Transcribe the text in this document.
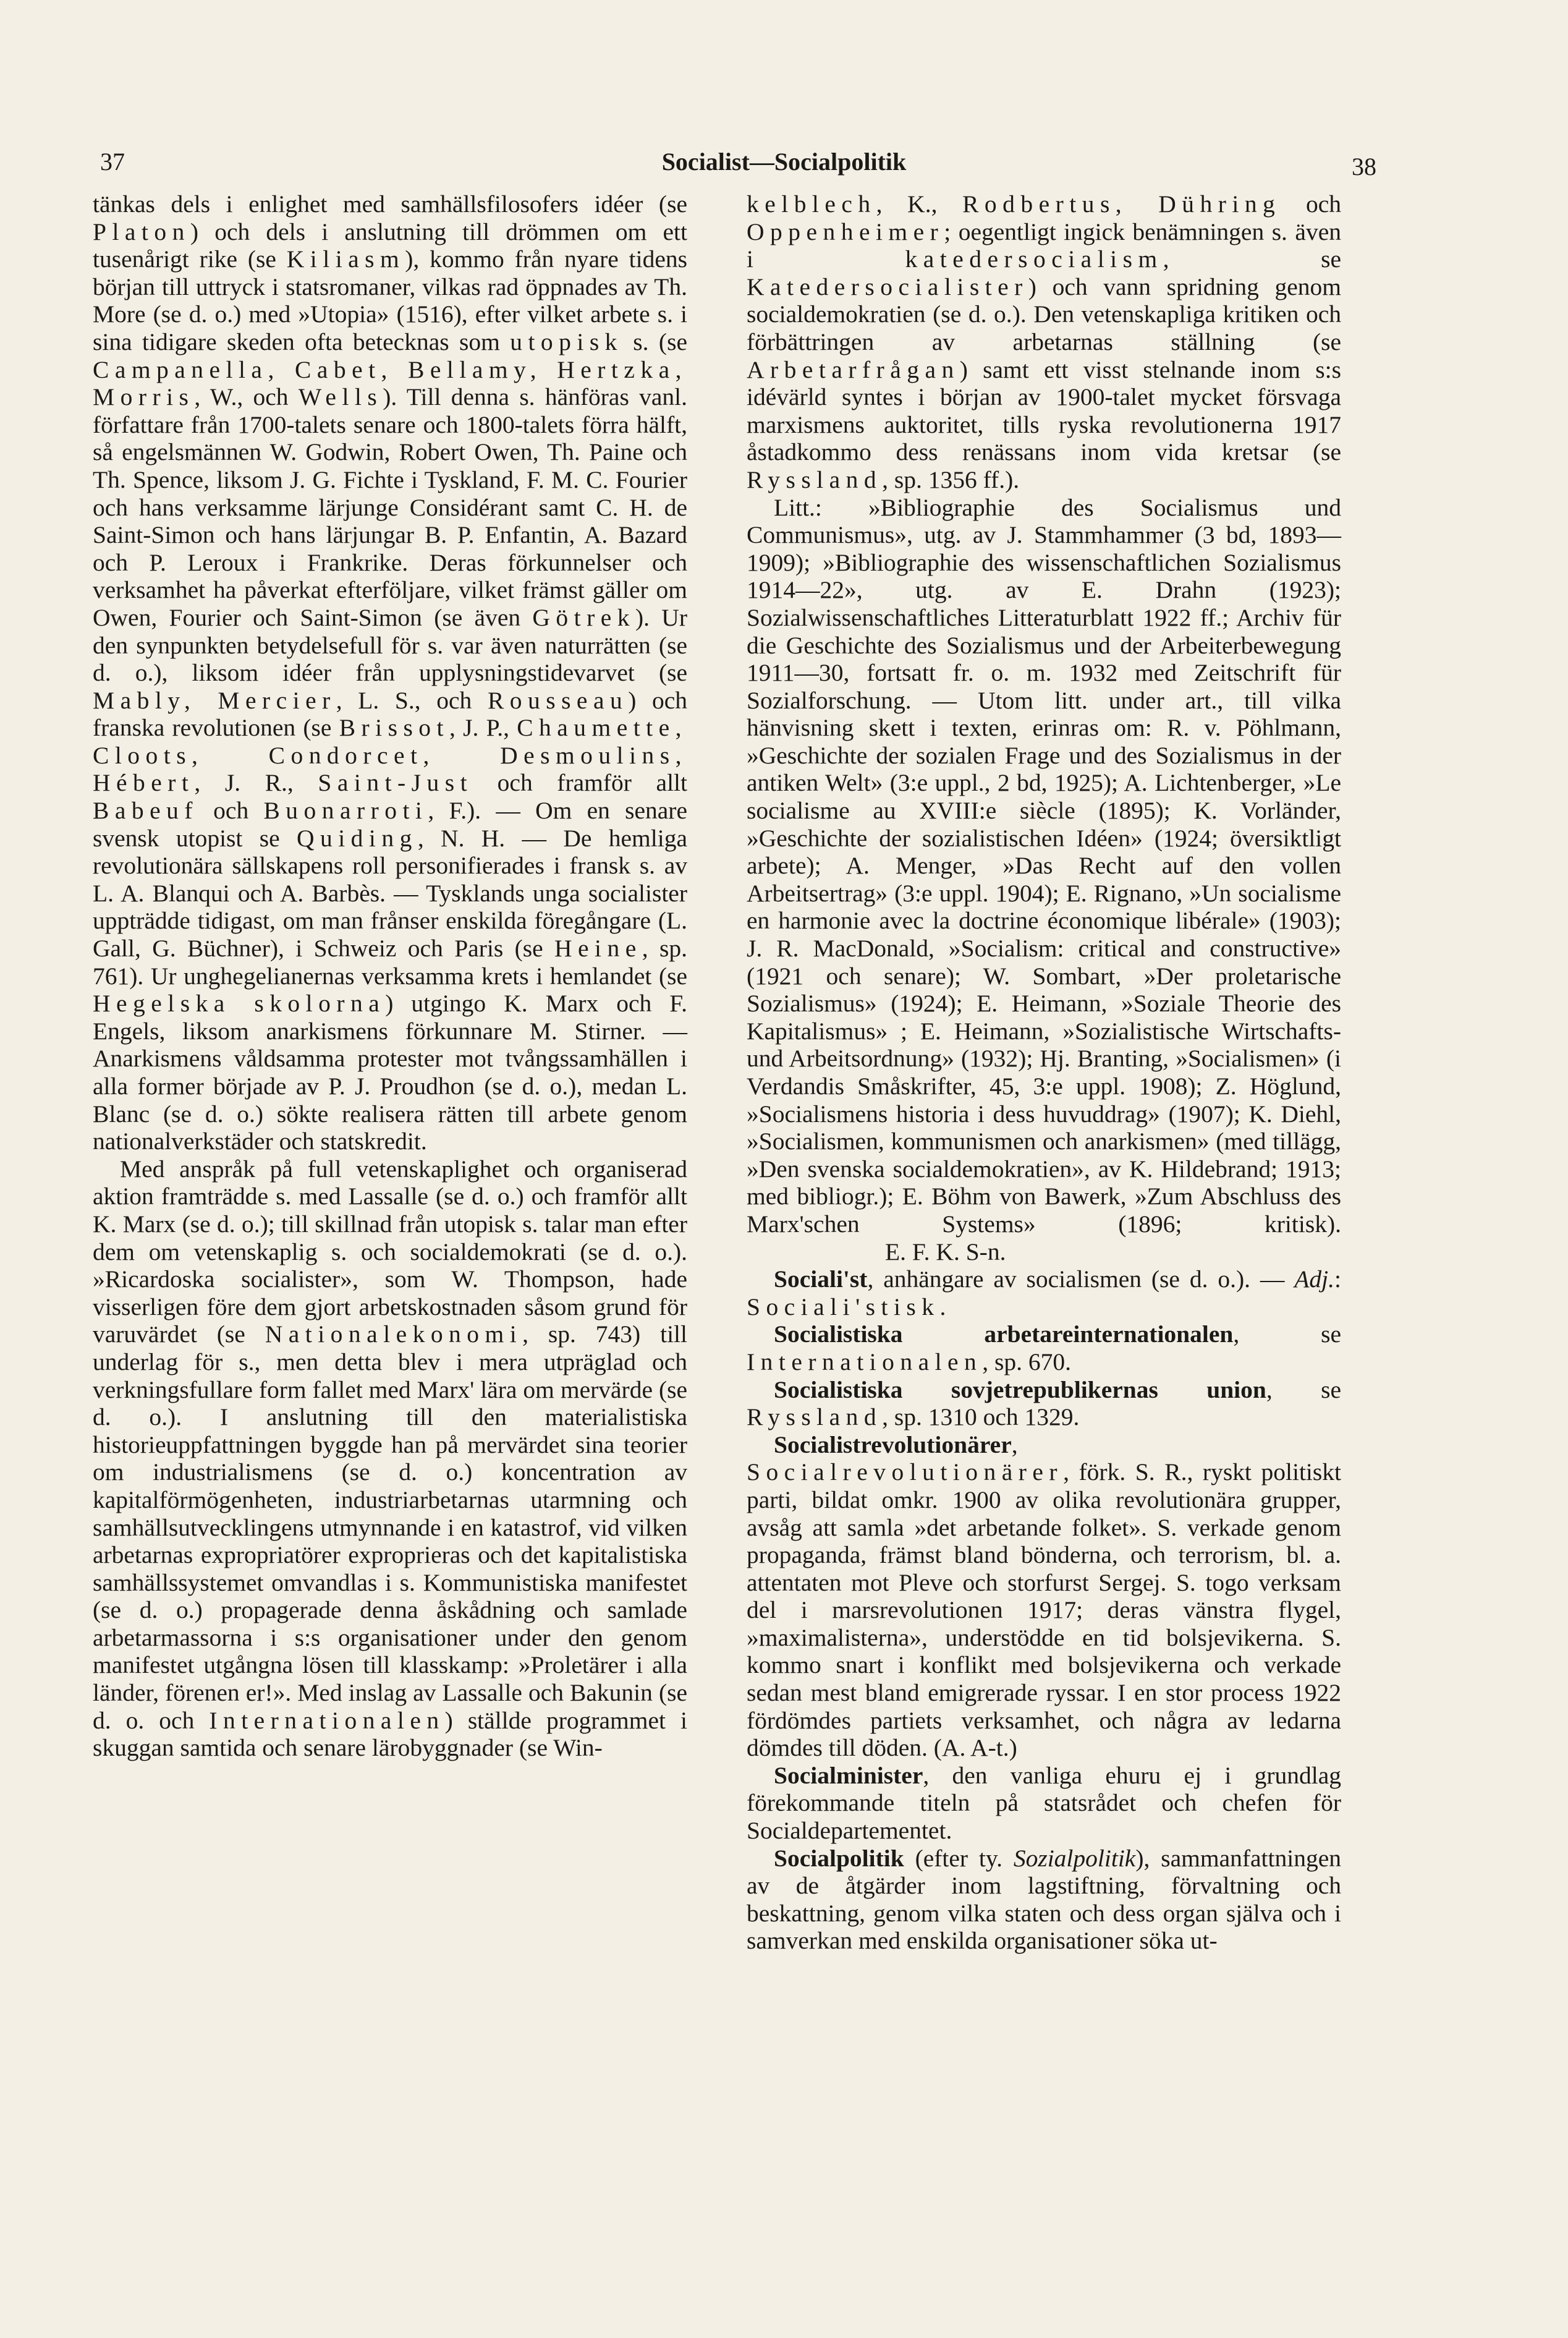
37	Socialist—Socialpolitik	38

tänkas dels i enlighet med samhällsfilosofers idéer (se Platon) och dels i anslutning till drömmen om ett tusenårigt rike (se Kiliasm), kommo från nyare tidens början till uttryck i statsromaner, vilkas rad öppnades av Th. More (se d. o.) med »Utopia» (1516), efter vilket arbete s. i sina tidigare skeden ofta betecknas som utopisk s. (se Campanella, Cabet, Bellamy, Hertzka, Morris, W., och Wells). Till denna s. hänföras vanl. författare från 1700-talets senare och 1800-talets förra hälft, så engelsmännen W. Godwin, Robert Owen, Th. Paine och Th. Spence, liksom J. G. Fichte i Tyskland, F. M. C. Fourier och hans verksamme lärjunge Considérant samt C. H. de Saint-Simon och hans lärjungar B. P. Enfantin, A. Bazard och P. Leroux i Frankrike. Deras förkunnelser och verksamhet ha påverkat efterföljare, vilket främst gäller om Owen, Fourier och Saint-Simon (se även Götrek). Ur den synpunkten betydelsefull för s. var även naturrätten (se d. o.), liksom idéer från upplysningstidevarvet (se Mably, Mercier, L. S., och Rousseau) och franska revolutionen (se Brissot, J. P., Chaumette, Cloots, Condorcet, Desmoulins, Hébert, J. R., Saint-Just och framför allt Babeuf och Buonarroti, F.). — Om en senare svensk utopist se Quiding, N. H. — De hemliga revolutionära sällskapens roll personifierades i fransk s. av L. A. Blanqui och A. Barbès. — Tysklands unga socialister uppträdde tidigast, om man frånser enskilda föregångare (L. Gall, G. Büchner), i Schweiz och Paris (se Heine, sp. 761). Ur unghegelianernas verksamma krets i hemlandet (se Hegelska skolorna) utgingo K. Marx och F. Engels, liksom anarkismens förkunnare M. Stirner. — Anarkismens våldsamma protester mot tvångssamhällen i alla former började av P. J. Proudhon (se d. o.), medan L. Blanc (se d. o.) sökte realisera rätten till arbete genom nationalverkstäder och statskredit.

Med anspråk på full vetenskaplighet och organiserad aktion framträdde s. med Lassalle (se d. o.) och framför allt K. Marx (se d. o.); till skillnad från utopisk s. talar man efter dem om vetenskaplig s. och socialdemokrati (se d. o.). »Ricardoska socialister», som W. Thompson, hade visserligen före dem gjort arbetskostnaden såsom grund för varuvärdet (se Nationalekonomi, sp. 743) till underlag för s., men detta blev i mera utpräglad och verkningsfullare form fallet med Marx' lära om mervärde (se d. o.). I anslutning till den materialistiska historieuppfattningen byggde han på mervärdet sina teorier om industrialismens (se d. o.) koncentration av kapitalförmögenheten, industriarbetarnas utarmning och samhällsutvecklingens utmynnande i en katastrof, vid vilken arbetarnas expropriatörer exproprieras och det kapitalistiska samhällssystemet omvandlas i s. Kommunistiska manifestet (se d. o.) propagerade denna åskådning och samlade arbetarmassorna i s:s organisationer under den genom manifestet utgångna lösen till klasskamp: »Proletärer i alla länder, förenen er!». Med inslag av Lassalle och Bakunin (se d. o. och Internationalen) ställde programmet i skuggan samtida och senare lärobyggnader (se Win-

kelblech, K., Rodbertus, Dühring och Oppenheimer; oegentligt ingick benämningen s. även i katedersocialism, se Katedersocialister) och vann spridning genom socialdemokratien (se d. o.). Den vetenskapliga kritiken och förbättringen av arbetarnas ställning (se Arbetarfrågan) samt ett visst stelnande inom s:s idévärld syntes i början av 1900-talet mycket försvaga marxismens auktoritet, tills ryska revolutionerna 1917 åstadkommo dess renässans inom vida kretsar (se Ryssland, sp. 1356 ff.).

Litt.: »Bibliographie des Socialismus und Communismus», utg. av J. Stammhammer (3 bd, 1893—1909); »Bibliographie des wissenschaftlichen Sozialismus 1914—22», utg. av E. Drahn (1923); Sozialwissenschaftliches Litteraturblatt 1922 ff.; Archiv für die Geschichte des Sozialismus und der Arbeiterbewegung 1911—30, fortsatt fr. o. m. 1932 med Zeitschrift für Sozialforschung. — Utom litt. under art., till vilka hänvisning skett i texten, erinras om: R. v. Pöhlmann, »Geschichte der sozialen Frage und des Sozialismus in der antiken Welt» (3:e uppl., 2 bd, 1925); A. Lichtenberger, »Le socialisme au XVIII:e siècle (1895); K. Vorländer, »Geschichte der sozialistischen Idéen» (1924; översiktligt arbete); A. Menger, »Das Recht auf den vollen Arbeitsertrag» (3:e uppl. 1904); E. Rignano, »Un socialisme en harmonie avec la doctrine économique libérale» (1903); J. R. MacDonald, »Socialism: critical and constructive» (1921 och senare); W. Sombart, »Der proletarische Sozialismus» (1924); E. Heimann, »Soziale Theorie des Kapitalismus» ; E. Heimann, »Sozialistische Wirtschafts- und Arbeitsordnung» (1932); Hj. Branting, »Socialismen» (i Verdandis Småskrifter, 45, 3:e uppl. 1908); Z. Höglund, »Socialismens historia i dess huvuddrag» (1907); K. Diehl, »Socialismen, kommunismen och anarkismen» (med tillägg, »Den svenska socialdemokratien», av K. Hildebrand; 1913; med bibliogr.); E. Böhm von Bawerk, »Zum Abschluss des Marx'schen Systems» (1896; kritisk). E. F. K. S-n.

Sociali'st, anhängare av socialismen (se d. o.). — Adj.: Sociali'stisk.

Socialistiska arbetareinternationalen, se Internationalen, sp. 670.

Socialistiska sovjetrepublikernas union, se Ryssland, sp. 1310 och 1329.

Socialistrevolutionärer, Socialrevolutionärer, förk. S. R., ryskt politiskt parti, bildat omkr. 1900 av olika revolutionära grupper, avsåg att samla »det arbetande folket». S. verkade genom propaganda, främst bland bönderna, och terrorism, bl. a. attentaten mot Pleve och storfurst Sergej. S. togo verksam del i marsrevolutionen 1917; deras vänstra flygel, »maximalisterna», understödde en tid bolsjevikerna. S. kommo snart i konflikt med bolsjevikerna och verkade sedan mest bland emigrerade ryssar. I en stor process 1922 fördömdes partiets verksamhet, och några av ledarna dömdes till döden. (A. A-t.)

Socialminister, den vanliga ehuru ej i grundlag förekommande titeln på statsrådet och chefen för Socialdepartementet.

Socialpolitik (efter ty. Sozialpolitik), sammanfattningen av de åtgärder inom lagstiftning, förvaltning och beskattning, genom vilka staten och dess organ själva och i samverkan med enskilda organisationer söka ut-
